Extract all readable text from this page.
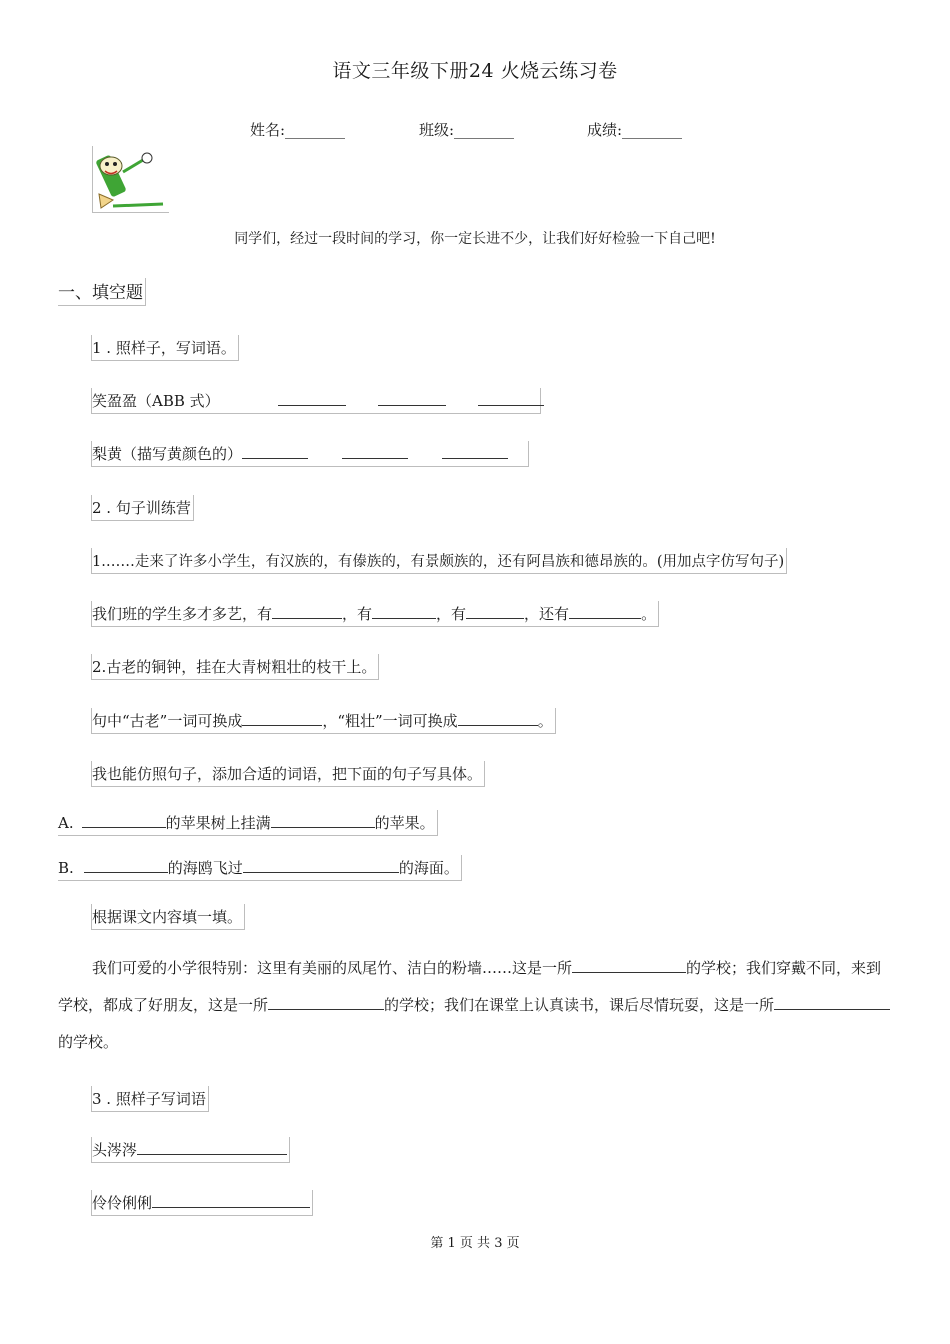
语文三年级下册24 火烧云练习卷
姓名:________	班级:________	成绩:________
同学们，经过一段时间的学习，你一定长进不少，让我们好好检验一下自己吧!
一、填空题
1 . 照样子，写词语。
笑盈盈（ABB 式）
梨黄（描写黄颜色的）
2 . 句子训练营
1.……走来了许多小学生，有汉族的，有傣族的，有景颇族的，还有阿昌族和德昂族的。(用加点字仿写句子)
我们班的学生多才多艺，有	，有	，有	，还有	。
2.古老的铜钟，挂在大青树粗壮的枝干上。
句中“古老”一词可换成	，“粗壮”一词可换成	。
我也能仿照句子，添加合适的词语，把下面的句子写具体。
A.	的苹果树上挂满	的苹果。
B.	的海鸥飞过	的海面。
根据课文内容填一填。
我们可爱的小学很特别：这里有美丽的凤尾竹、洁白的粉墙……这是一所	的学校；我们穿戴不同，来到学校，都成了好朋友，这是一所	的学校；我们在课堂上认真读书，课后尽情玩耍，这是一所的学校。
3 . 照样子写词语
头涔涔
伶伶俐俐
第 1 页 共 3 页
